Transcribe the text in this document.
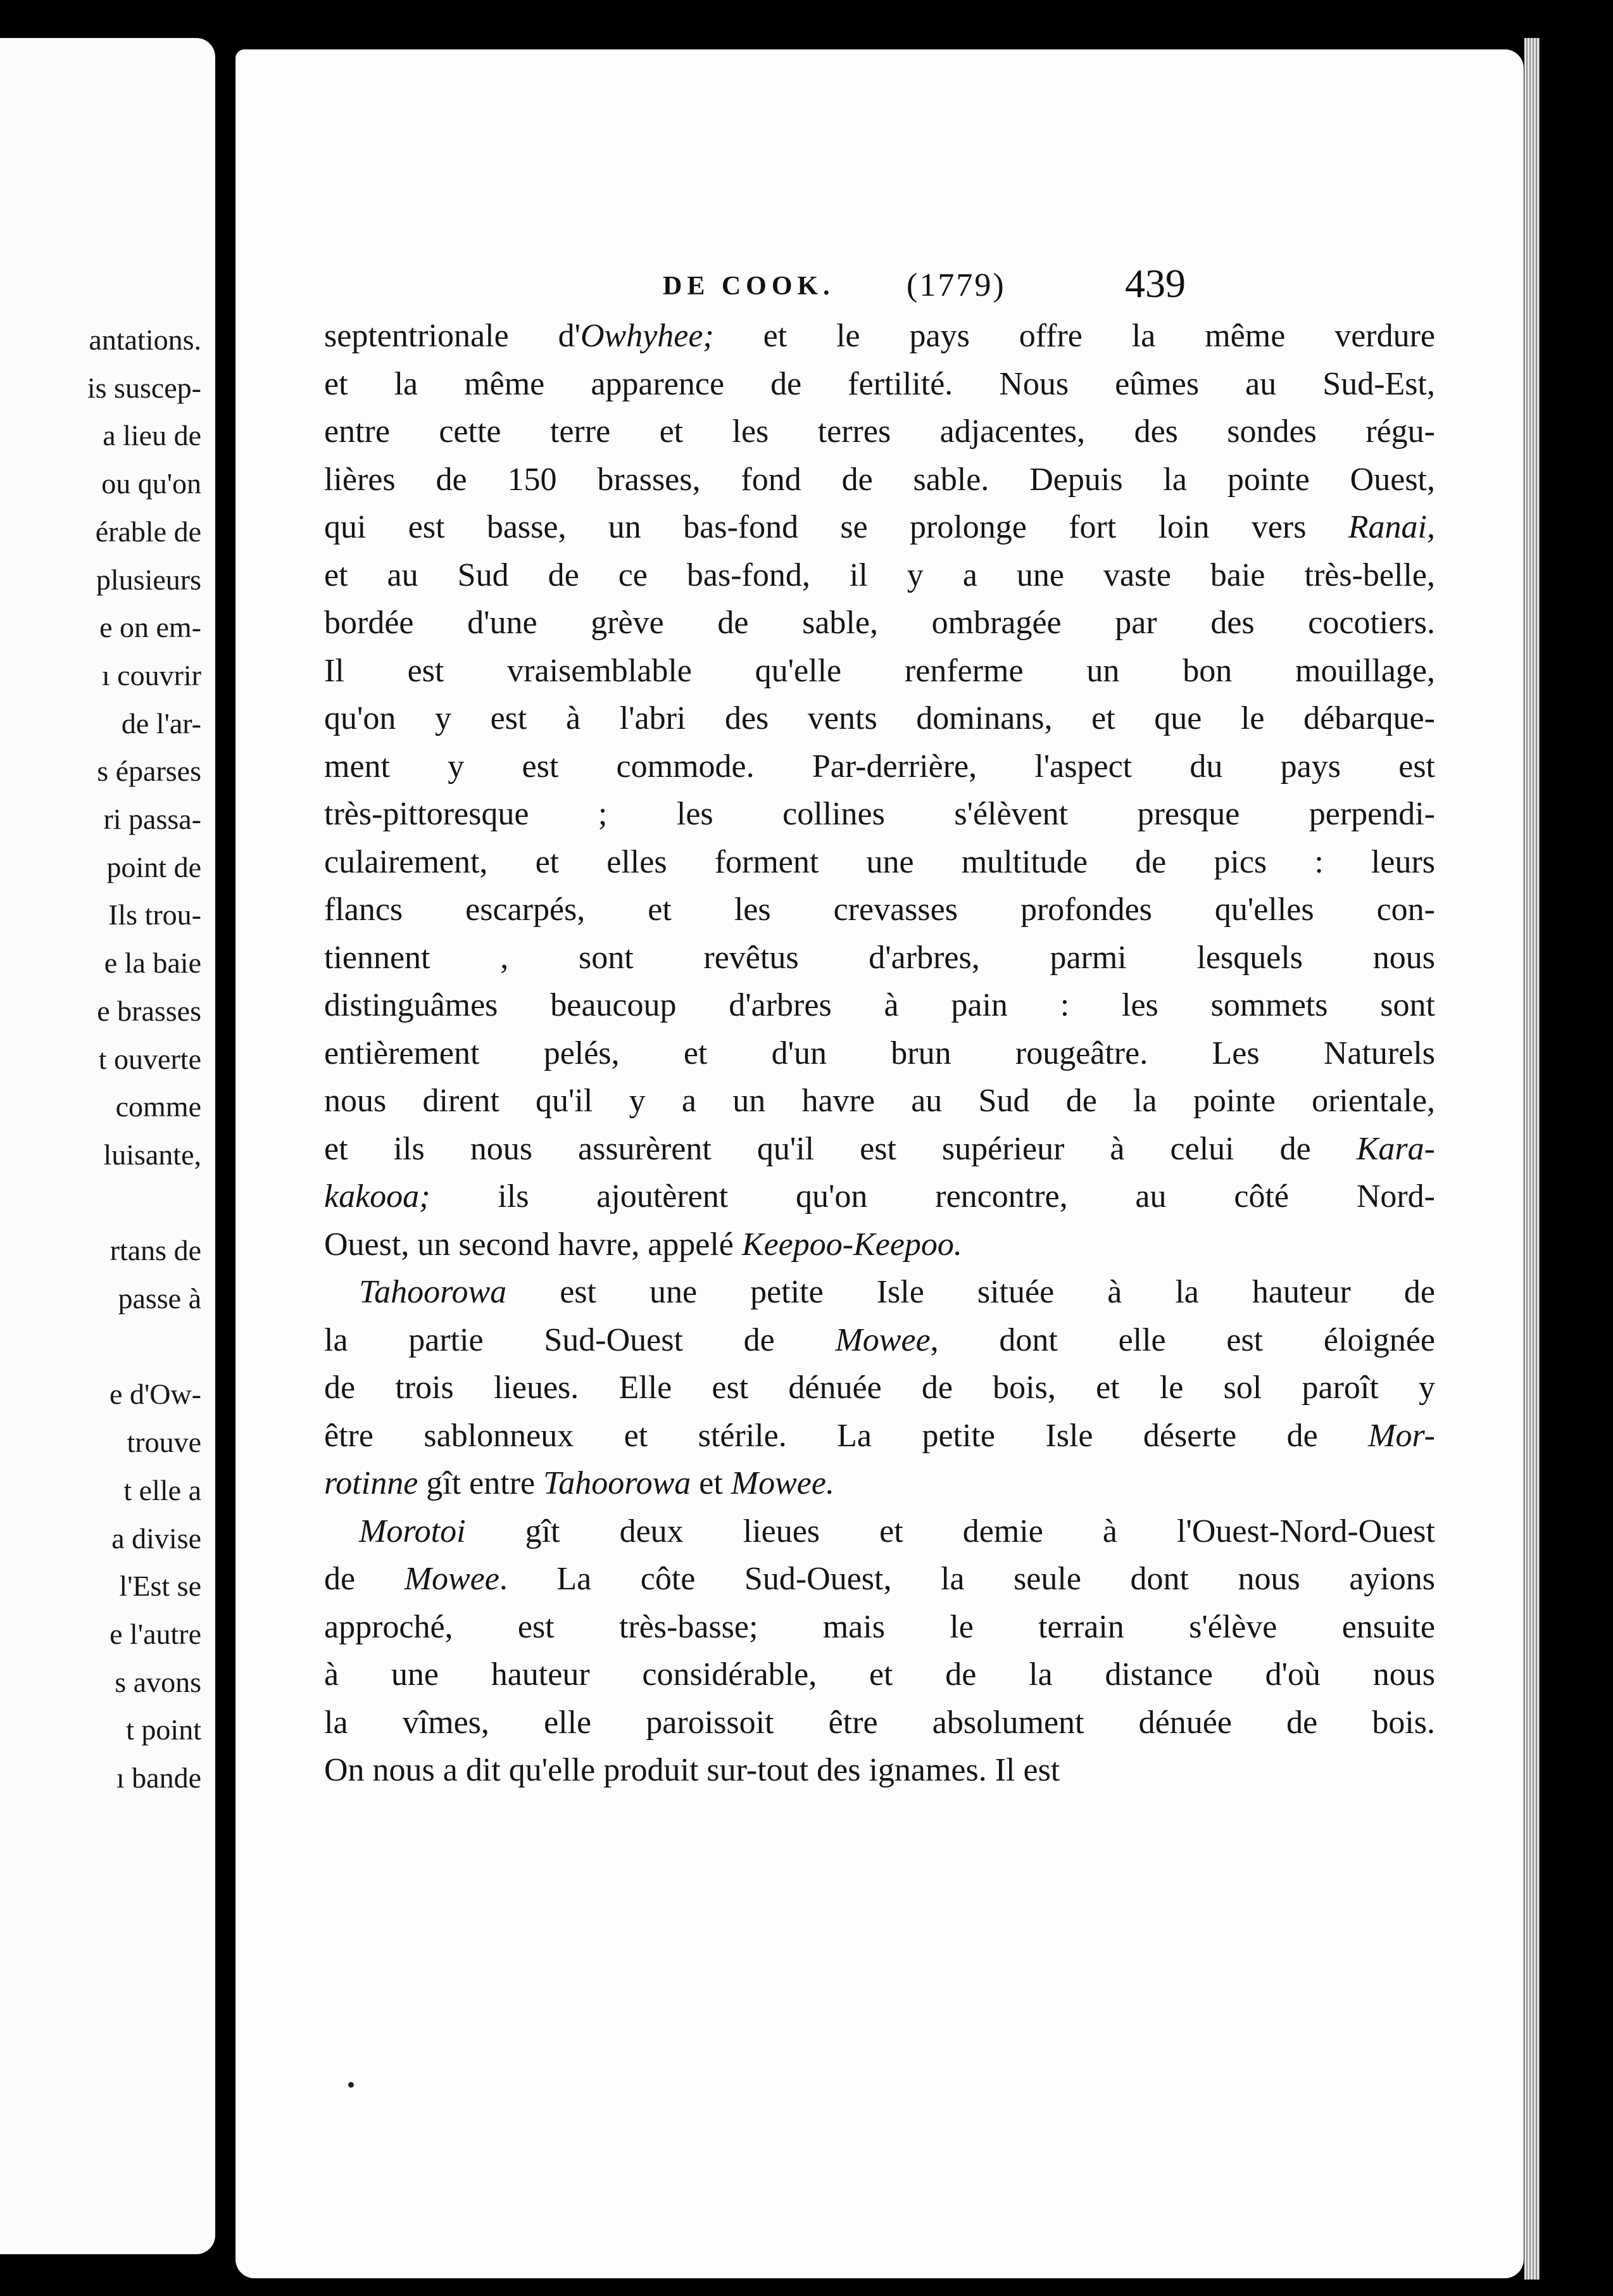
antations.
is suscep-
a lieu de
ou qu'on
érable de
plusieurs
e on em-
ı couvrir
de l'ar-
s éparses
ri passa-
point de
Ils trou-
e la baie
e brasses
t ouverte
comme
luisante,
rtans de
passe à
e d'Ow-
trouve
t elle a
a divise
l'Est se
e l'autre
s avons
t point
ı bande
DE COOK. (1779)	439
septentrionale d'Owhyhee; et le pays offre la même verdure
et la même apparence de fertilité. Nous eûmes au Sud-Est,
entre cette terre et les terres adjacentes, des sondes régu-
lières de 150 brasses, fond de sable. Depuis la pointe Ouest,
qui est basse, un bas-fond se prolonge fort loin vers Ranai,
et au Sud de ce bas-fond, il y a une vaste baie très-belle,
bordée d'une grève de sable, ombragée par des cocotiers.
Il est vraisemblable qu'elle renferme un bon mouillage,
qu'on y est à l'abri des vents dominans, et que le débarque-
ment y est commode. Par-derrière, l'aspect du pays est
très-pittoresque ; les collines s'élèvent presque perpendi-
culairement, et elles forment une multitude de pics : leurs
flancs escarpés, et les crevasses profondes qu'elles con-
tiennent , sont revêtus d'arbres, parmi lesquels nous
distinguâmes beaucoup d'arbres à pain : les sommets sont
entièrement pelés, et d'un brun rougeâtre. Les Naturels
nous dirent qu'il y a un havre au Sud de la pointe orientale,
et ils nous assurèrent qu'il est supérieur à celui de Kara-
kakooa; ils ajoutèrent qu'on rencontre, au côté Nord-
Ouest, un second havre, appelé Keepoo-Keepoo.
Tahoorowa est une petite Isle située à la hauteur de
la partie Sud-Ouest de Mowee, dont elle est éloignée
de trois lieues. Elle est dénuée de bois, et le sol paroît y
être sablonneux et stérile. La petite Isle déserte de Mor-
rotinne gît entre Tahoorowa et Mowee.
Morotoi gît deux lieues et demie à l'Ouest-Nord-Ouest
de Mowee. La côte Sud-Ouest, la seule dont nous ayions
approché, est très-basse; mais le terrain s'élève ensuite
à une hauteur considérable, et de la distance d'où nous
la vîmes, elle paroissoit être absolument dénuée de bois.
On nous a dit qu'elle produit sur-tout des ignames. Il est
